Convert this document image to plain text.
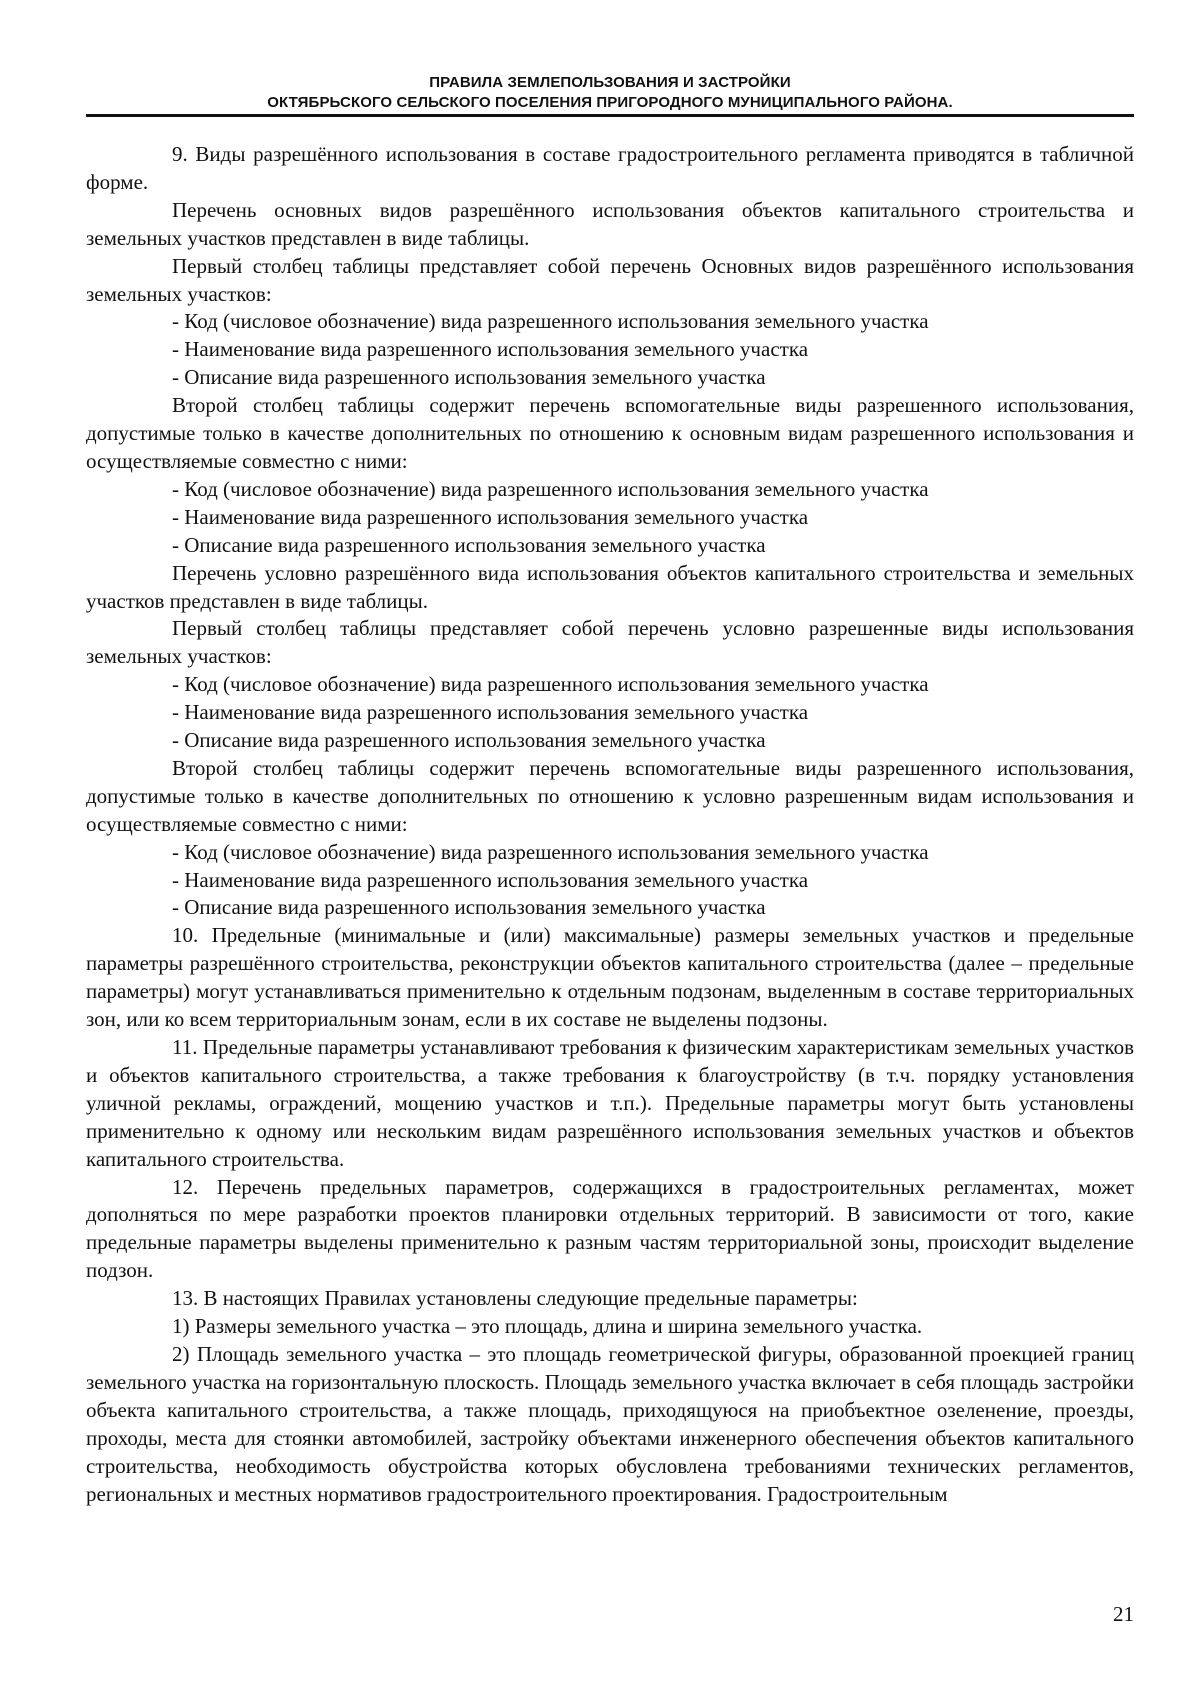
ПРАВИЛА ЗЕМЛЕПОЛЬЗОВАНИЯ И ЗАСТРОЙКИ
ОКТЯБРЬСКОГО СЕЛЬСКОГО ПОСЕЛЕНИЯ ПРИГОРОДНОГО МУНИЦИПАЛЬНОГО РАЙОНА.

9. Виды разрешённого использования в составе градостроительного регламента приводятся в табличной форме.

Перечень основных видов разрешённого использования объектов капитального строительства и земельных участков представлен в виде таблицы.

Первый столбец таблицы представляет собой перечень Основных видов разрешённого использования земельных участков:

- Код (числовое обозначение) вида разрешенного использования земельного участка

- Наименование вида разрешенного использования земельного участка

- Описание вида разрешенного использования земельного участка

Второй столбец таблицы содержит перечень вспомогательные виды разрешенного использования, допустимые только в качестве дополнительных по отношению к основным видам разрешенного использования и осуществляемые совместно с ними:

- Код (числовое обозначение) вида разрешенного использования земельного участка

- Наименование вида разрешенного использования земельного участка

- Описание вида разрешенного использования земельного участка

Перечень условно разрешённого вида использования объектов капитального строительства и земельных участков представлен в виде таблицы.

Первый столбец таблицы представляет собой перечень условно разрешенные виды использования земельных участков:

- Код (числовое обозначение) вида разрешенного использования земельного участка

- Наименование вида разрешенного использования земельного участка

- Описание вида разрешенного использования земельного участка

Второй столбец таблицы содержит перечень вспомогательные виды разрешенного использования, допустимые только в качестве дополнительных по отношению к условно разрешенным видам использования и осуществляемые совместно с ними:

- Код (числовое обозначение) вида разрешенного использования земельного участка

- Наименование вида разрешенного использования земельного участка

- Описание вида разрешенного использования земельного участка

10. Предельные (минимальные и (или) максимальные) размеры земельных участков и предельные параметры разрешённого строительства, реконструкции объектов капитального строительства (далее – предельные параметры) могут устанавливаться применительно к отдельным подзонам, выделенным в составе территориальных зон, или ко всем территориальным зонам, если в их составе не выделены подзоны.

11. Предельные параметры устанавливают требования к физическим характеристикам земельных участков и объектов капитального строительства, а также требования к благоустройству (в т.ч. порядку установления уличной рекламы, ограждений, мощению участков и т.п.). Предельные параметры могут быть установлены применительно к одному или нескольким видам разрешённого использования земельных участков и объектов капитального строительства.

12. Перечень предельных параметров, содержащихся в градостроительных регламентах, может дополняться по мере разработки проектов планировки отдельных территорий. В зависимости от того, какие предельные параметры выделены применительно к разным частям территориальной зоны, происходит выделение подзон.

13. В настоящих Правилах установлены следующие предельные параметры:

1) Размеры земельного участка – это площадь, длина и ширина земельного участка.

2) Площадь земельного участка – это площадь геометрической фигуры, образованной проекцией границ земельного участка на горизонтальную плоскость. Площадь земельного участка включает в себя площадь застройки объекта капитального строительства, а также площадь, приходящуюся на приобъектное озеленение, проезды, проходы, места для стоянки автомобилей, застройку объектами инженерного обеспечения объектов капитального строительства, необходимость обустройства которых обусловлена требованиями технических регламентов, региональных и местных нормативов градостроительного проектирования. Градостроительным

21
